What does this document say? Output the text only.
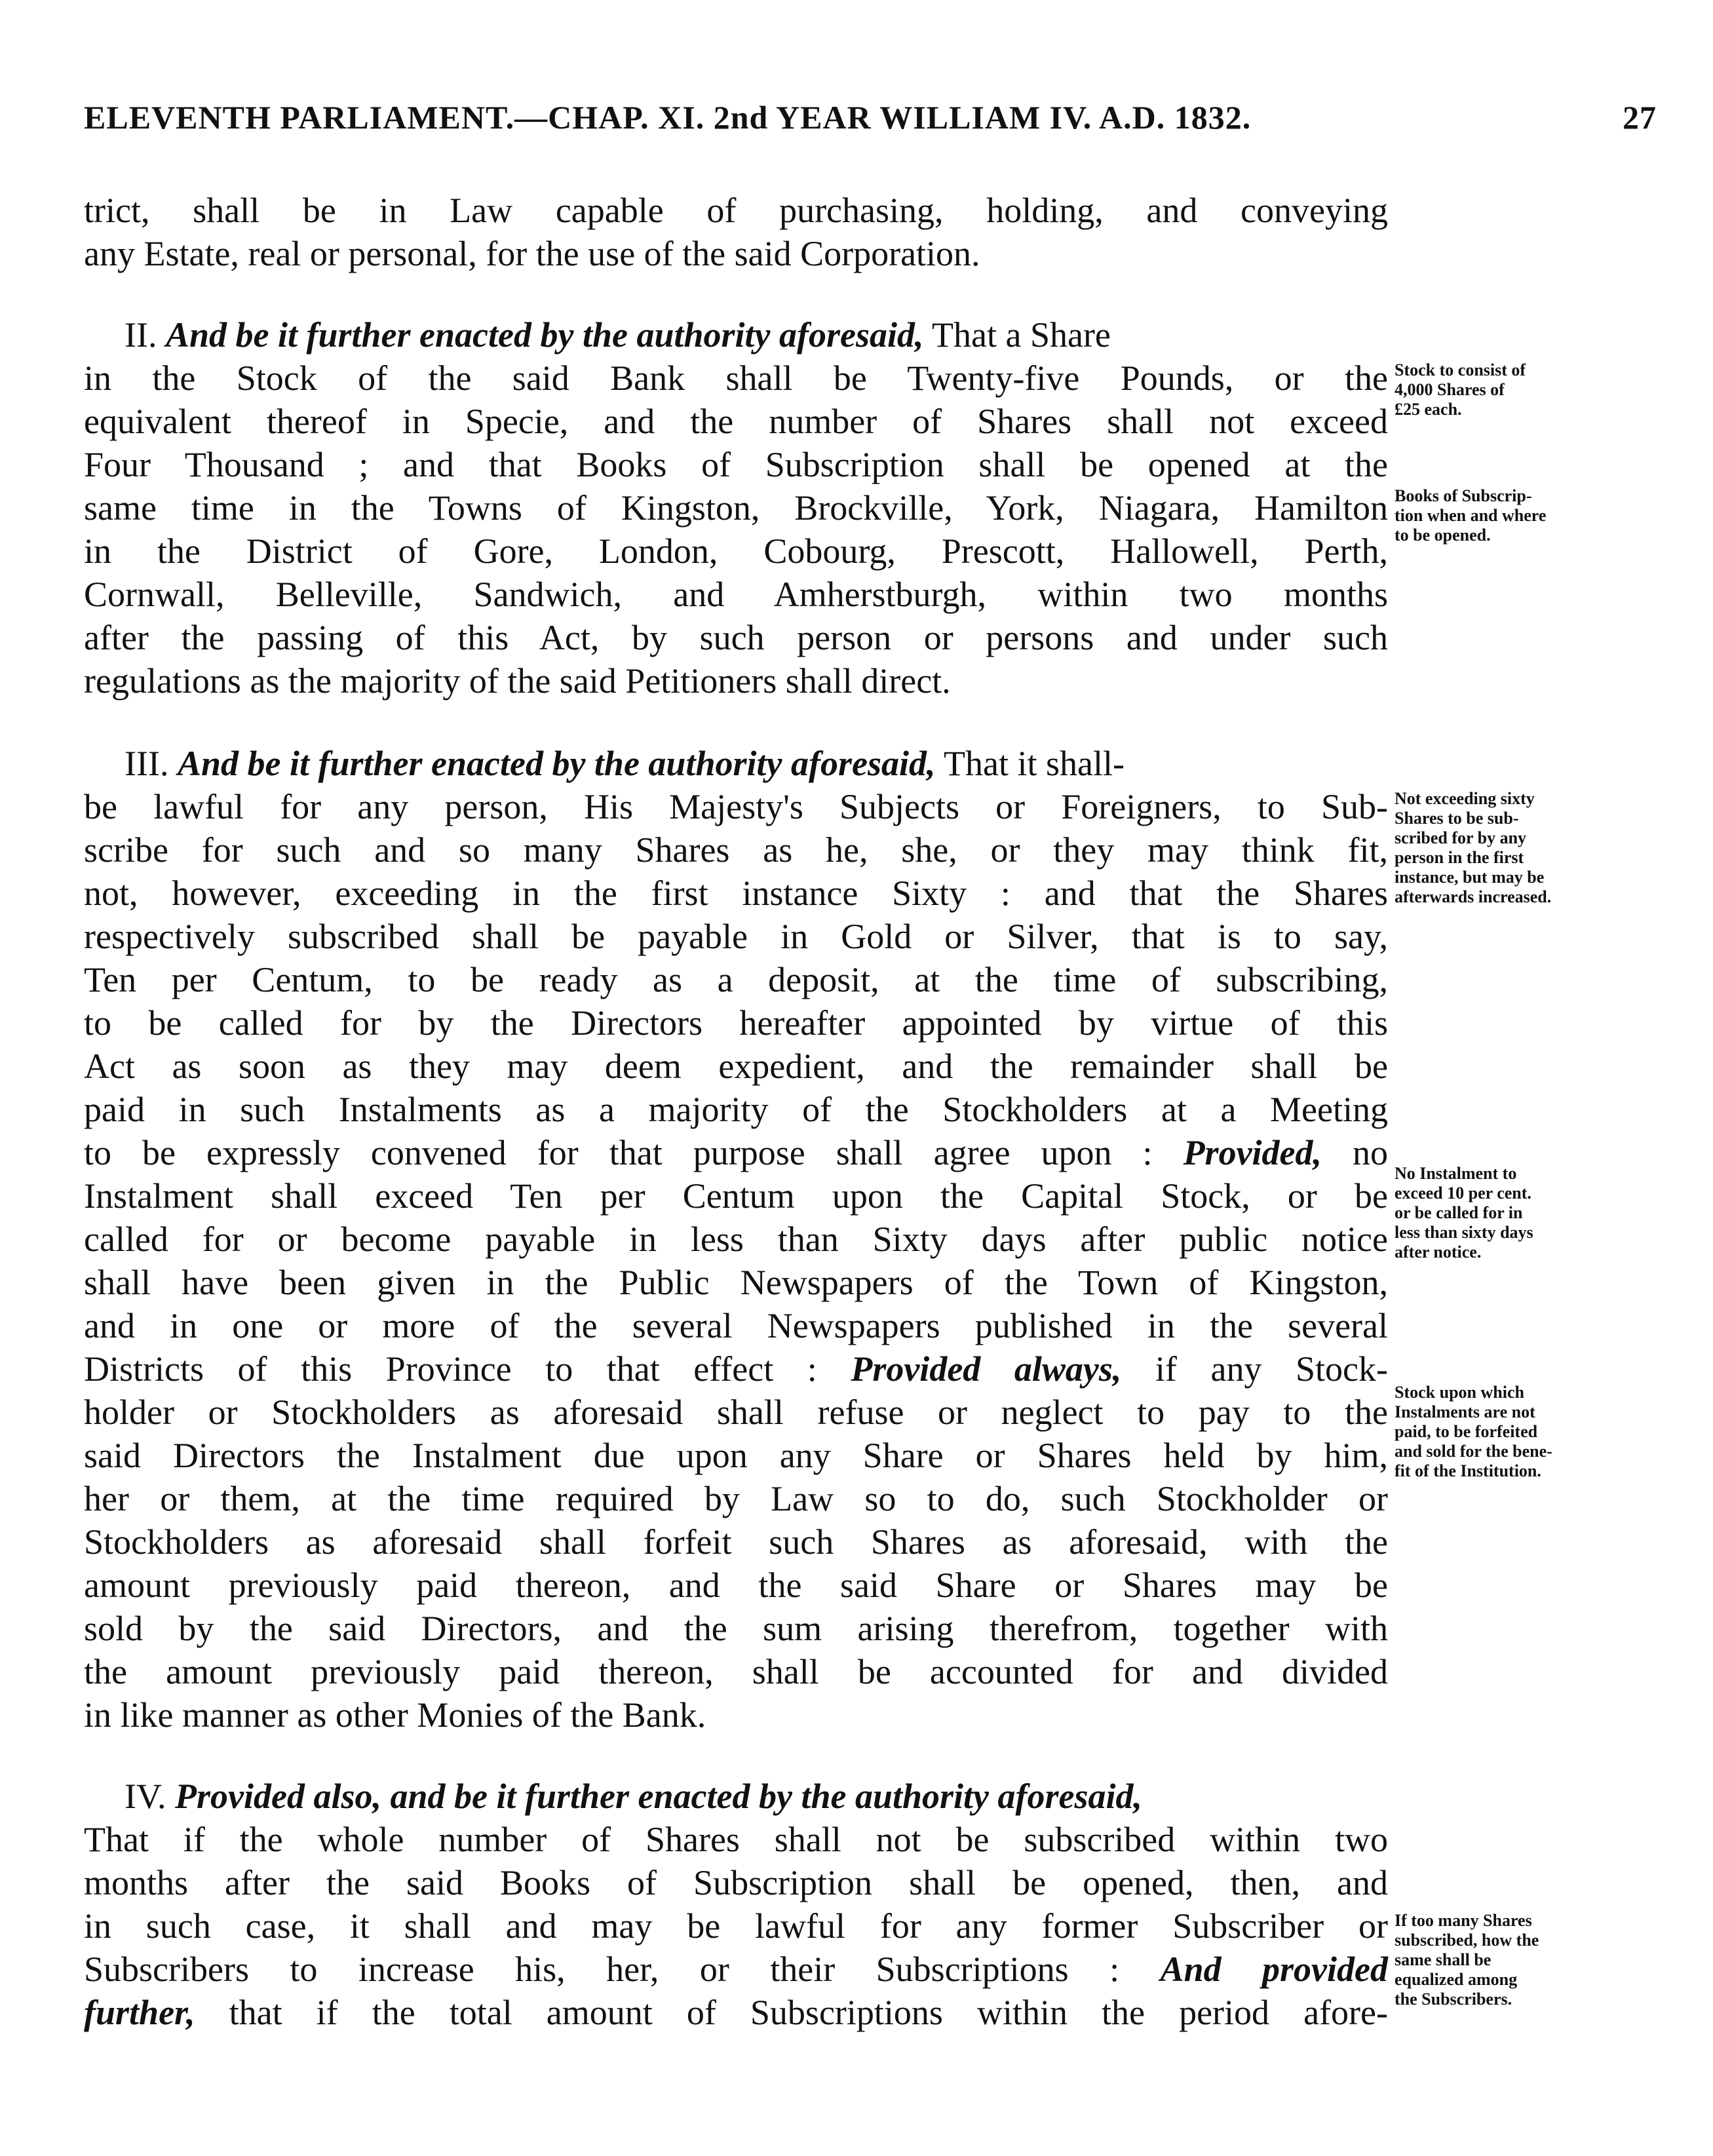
ELEVENTH PARLIAMENT.—CHAP. XI. 2nd YEAR WILLIAM IV. A.D. 1832.	27
trict, shall be in Law capable of purchasing, holding, and conveying
any Estate, real or personal, for the use of the said Corporation.
II. And be it further enacted by the authority aforesaid, That a Share
in the Stock of the said Bank shall be Twenty-five Pounds, or the
equivalent thereof in Specie, and the number of Shares shall not exceed
Four Thousand ; and that Books of Subscription shall be opened at the
same time in the Towns of Kingston, Brockville, York, Niagara, Hamilton
in the District of Gore, London, Cobourg, Prescott, Hallowell, Perth,
Cornwall, Belleville, Sandwich, and Amherstburgh, within two months
after the passing of this Act, by such person or persons and under such
regulations as the majority of the said Petitioners shall direct.
III. And be it further enacted by the authority aforesaid, That it shall-
be lawful for any person, His Majesty's Subjects or Foreigners, to Sub-
scribe for such and so many Shares as he, she, or they may think fit,
not, however, exceeding in the first instance Sixty : and that the Shares
respectively subscribed shall be payable in Gold or Silver, that is to say,
Ten per Centum, to be ready as a deposit, at the time of subscribing,
to be called for by the Directors hereafter appointed by virtue of this
Act as soon as they may deem expedient, and the remainder shall be
paid in such Instalments as a majority of the Stockholders at a Meeting
to be expressly convened for that purpose shall agree upon : Provided, no
Instalment shall exceed Ten per Centum upon the Capital Stock, or be
called for or become payable in less than Sixty days after public notice
shall have been given in the Public Newspapers of the Town of Kingston,
and in one or more of the several Newspapers published in the several
Districts of this Province to that effect : Provided always, if any Stock-
holder or Stockholders as aforesaid shall refuse or neglect to pay to the
said Directors the Instalment due upon any Share or Shares held by him,
her or them, at the time required by Law so to do, such Stockholder or
Stockholders as aforesaid shall forfeit such Shares as aforesaid, with the
amount previously paid thereon, and the said Share or Shares may be
sold by the said Directors, and the sum arising therefrom, together with
the amount previously paid thereon, shall be accounted for and divided
in like manner as other Monies of the Bank.
IV. Provided also, and be it further enacted by the authority aforesaid,
That if the whole number of Shares shall not be subscribed within two
months after the said Books of Subscription shall be opened, then, and
in such case, it shall and may be lawful for any former Subscriber or
Subscribers to increase his, her, or their Subscriptions : And provided
further, that if the total amount of Subscriptions within the period afore-
Stock to consist of
4,000 Shares of
£25 each.
Books of Subscrip-
tion when and where
to be opened.
Not exceeding sixty
Shares to be sub-
scribed for by any
person in the first
instance, but may be
afterwards increased.
No Instalment to
exceed 10 per cent.
or be called for in
less than sixty days
after notice.
Stock upon which
Instalments are not
paid, to be forfeited
and sold for the bene-
fit of the Institution.
If too many Shares
subscribed, how the
same shall be
equalized among
the Subscribers.
